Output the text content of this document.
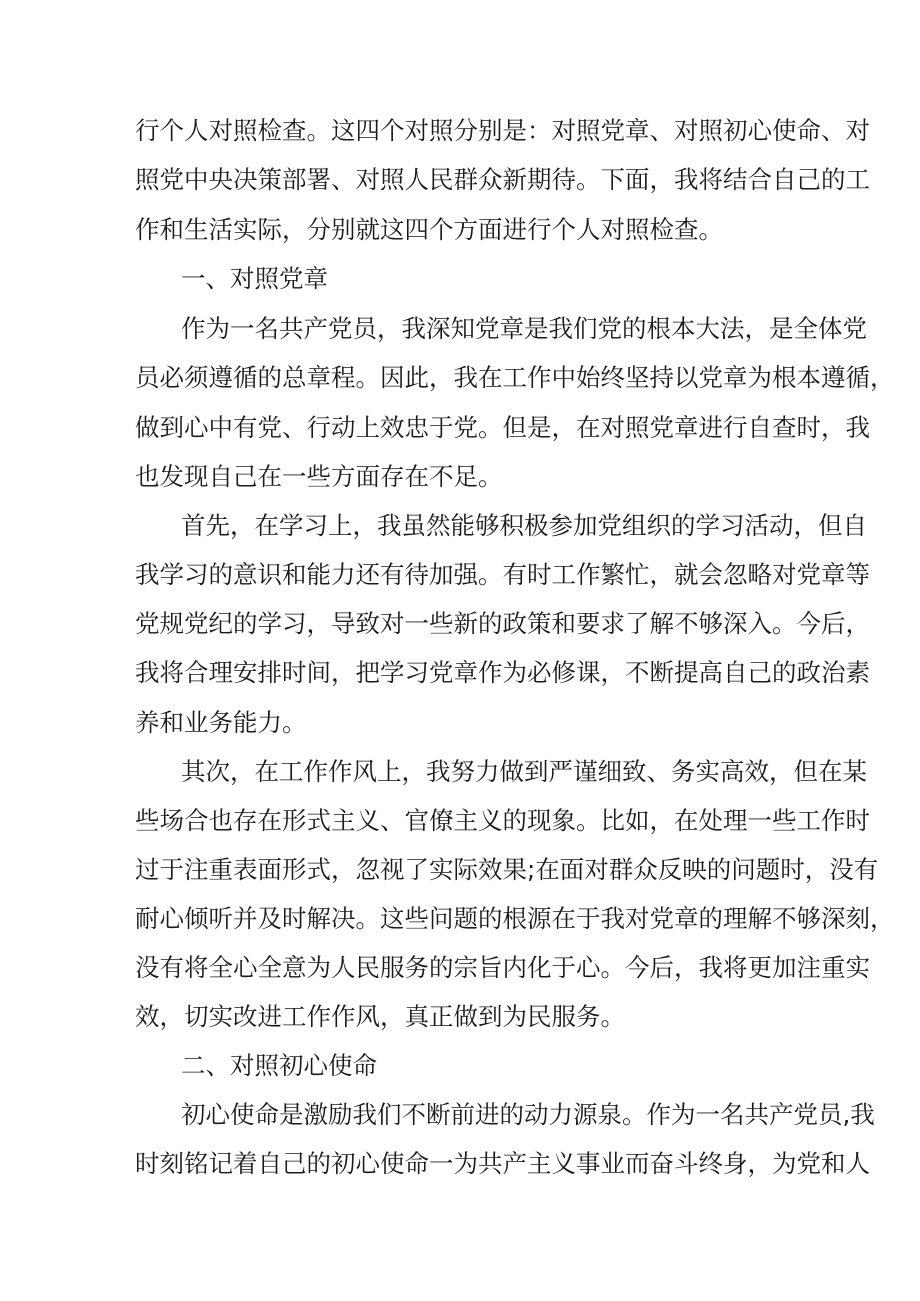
行个人对照检查。这四个对照分别是：对照党章、对照初心使命、对
照党中央决策部署、对照人民群众新期待。下面，我将结合自己的工
作和生活实际，分别就这四个方面进行个人对照检查。
一、对照党章
作为一名共产党员，我深知党章是我们党的根本大法，是全体党
员必须遵循的总章程。因此，我在工作中始终坚持以党章为根本遵循，
做到心中有党、行动上效忠于党。但是，在对照党章进行自查时，我
也发现自己在一些方面存在不足。
首先，在学习上，我虽然能够积极参加党组织的学习活动，但自
我学习的意识和能力还有待加强。有时工作繁忙，就会忽略对党章等
党规党纪的学习，导致对一些新的政策和要求了解不够深入。今后，
我将合理安排时间，把学习党章作为必修课，不断提高自己的政治素
养和业务能力。
其次，在工作作风上，我努力做到严谨细致、务实高效，但在某
些场合也存在形式主义、官僚主义的现象。比如，在处理一些工作时
过于注重表面形式，忽视了实际效果;在面对群众反映的问题时，没有
耐心倾听并及时解决。这些问题的根源在于我对党章的理解不够深刻，
没有将全心全意为人民服务的宗旨内化于心。今后，我将更加注重实
效，切实改进工作作风，真正做到为民服务。
二、对照初心使命
初心使命是激励我们不断前进的动力源泉。作为一名共产党员,我
时刻铭记着自己的初心使命一为共产主义事业而奋斗终身，为党和人
